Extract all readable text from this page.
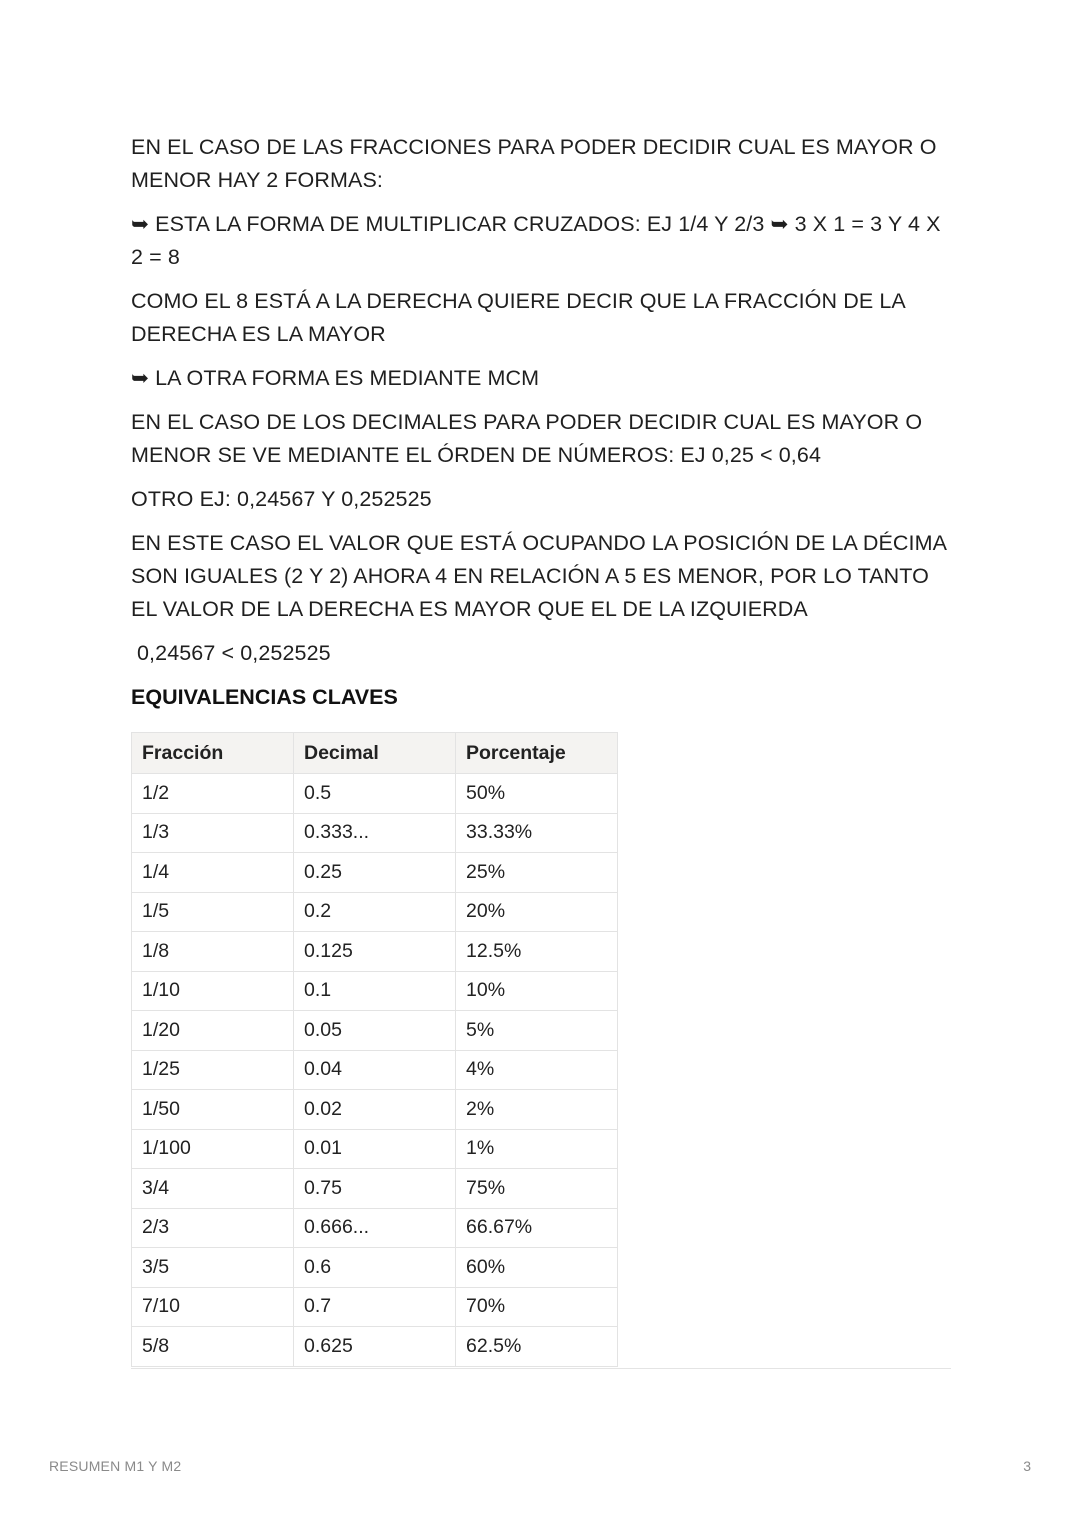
EN EL CASO DE LAS FRACCIONES PARA PODER DECIDIR CUAL ES MAYOR O MENOR HAY 2 FORMAS:

➥ ESTA LA FORMA DE MULTIPLICAR CRUZADOS: EJ 1/4 Y 2/3 ➥ 3 X 1 = 3 Y 4 X 2 = 8

COMO EL 8 ESTÁ A LA DERECHA QUIERE DECIR QUE LA FRACCIÓN DE LA DERECHA ES LA MAYOR

➥ LA OTRA FORMA ES MEDIANTE MCM

EN EL CASO DE LOS DECIMALES PARA PODER DECIDIR CUAL ES MAYOR O MENOR SE VE MEDIANTE EL ÓRDEN DE NÚMEROS: EJ 0,25 < 0,64

OTRO EJ: 0,24567 Y 0,252525

EN ESTE CASO EL VALOR QUE ESTÁ OCUPANDO LA POSICIÓN DE LA DÉCIMA SON IGUALES (2 Y 2) AHORA 4 EN RELACIÓN A 5 ES MENOR, POR LO TANTO EL VALOR DE LA DERECHA ES MAYOR QUE EL DE LA IZQUIERDA

0,24567 < 0,252525

EQUIVALENCIAS CLAVES
Fracción	Decimal	Porcentaje
1/2	0.5	50%
1/3	0.333...	33.33%
1/4	0.25	25%
1/5	0.2	20%
1/8	0.125	12.5%
1/10	0.1	10%
1/20	0.05	5%
1/25	0.04	4%
1/50	0.02	2%
1/100	0.01	1%
3/4	0.75	75%
2/3	0.666...	66.67%
3/5	0.6	60%
7/10	0.7	70%
5/8	0.625	62.5%
RESUMEN M1 Y M2	3
